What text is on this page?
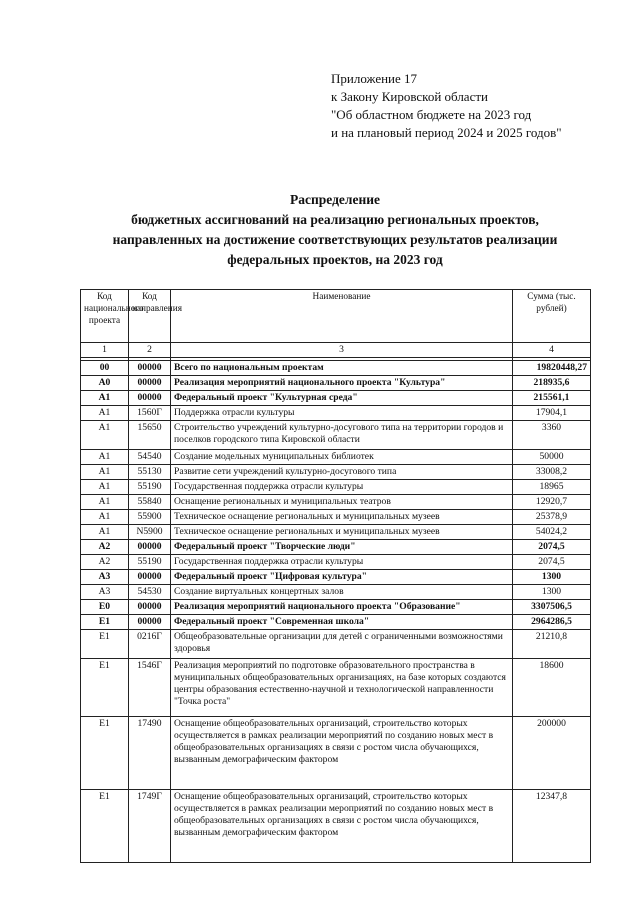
Приложение 17
к Закону Кировской области
"Об областном бюджете на 2023 год
и на плановый период 2024 и 2025 годов"
Распределение
бюджетных ассигнований на реализацию региональных проектов,
направленных на достижение соответствующих результатов реализации
федеральных проектов, на 2023 год
Код национального проекта	Код направления	Наименование	Сумма (тыс. рублей)
1	2	3	4

00	00000	Всего по национальным проектам	19820448,27
А0	00000	Реализация мероприятий национального проекта "Культура"	218935,6
А1	00000	Федеральный проект "Культурная среда"	215561,1
А1	1560Г	Поддержка отрасли культуры	17904,1
А1	15650	Строительство учреждений культурно-досугового типа на территории городов и поселков городского типа Кировской области	3360
А1	54540	Создание модельных муниципальных библиотек	50000
А1	55130	Развитие сети учреждений культурно-досугового типа	33008,2
А1	55190	Государственная поддержка отрасли культуры	18965
А1	55840	Оснащение региональных и муниципальных театров	12920,7
А1	55900	Техническое оснащение региональных и муниципальных музеев	25378,9
А1	N5900	Техническое оснащение региональных и муниципальных музеев	54024,2
А2	00000	Федеральный проект "Творческие люди"	2074,5
А2	55190	Государственная поддержка отрасли культуры	2074,5
А3	00000	Федеральный проект "Цифровая культура"	1300
А3	54530	Создание виртуальных концертных залов	1300
Е0	00000	Реализация мероприятий национального проекта "Образование"	3307506,5
Е1	00000	Федеральный проект "Современная школа"	2964286,5
Е1	0216Г	Общеобразовательные организации для детей с ограниченными возможностями здоровья	21210,8
Е1	1546Г	Реализация мероприятий по подготовке образовательного пространства в муниципальных общеобразовательных организациях, на базе которых создаются центры образования естественно-научной и технологической направленности "Точка роста"	18600
Е1	17490	Оснащение общеобразовательных организаций, строительство которых осуществляется в рамках реализации мероприятий по созданию новых мест в общеобразовательных организациях в связи с ростом числа обучающихся, вызванным демографическим фактором	200000
Е1	1749Г	Оснащение общеобразовательных организаций, строительство которых осуществляется в рамках реализации мероприятий по созданию новых мест в общеобразовательных организациях в связи с ростом числа обучающихся, вызванным демографическим фактором	12347,8
